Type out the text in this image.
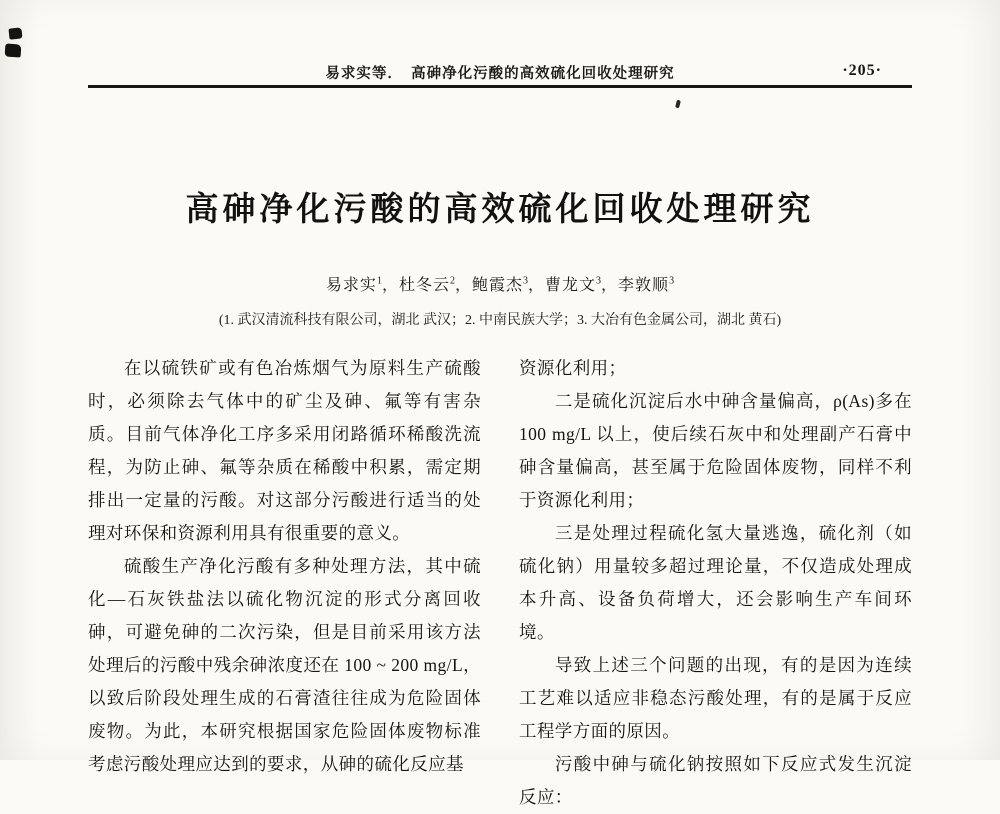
易求实等．　高砷净化污酸的高效硫化回收处理研究	·205·
高砷净化污酸的高效硫化回收处理研究
易求实$^1$，杜冬云$^2$，鲍霞杰$^3$，曹龙文$^3$，李敦顺$^3$
(1. 武汉清流科技有限公司，湖北 武汉；2. 中南民族大学；3. 大冶有色金属公司，湖北 黄石)

在以硫铁矿或有色冶炼烟气为原料生产硫酸时，必须除去气体中的矿尘及砷、氟等有害杂质。目前气体净化工序多采用闭路循环稀酸洗流程，为防止砷、氟等杂质在稀酸中积累，需定期排出一定量的污酸。对这部分污酸进行适当的处理对环保和资源利用具有很重要的意义。

硫酸生产净化污酸有多种处理方法，其中硫化—石灰铁盐法以硫化物沉淀的形式分离回收砷，可避免砷的二次污染，但是目前采用该方法处理后的污酸中残余砷浓度还在 100 ~ 200 mg/L，以致后阶段处理生成的石膏渣往往成为危险固体废物。为此，本研究根据国家危险固体废物标准考虑污酸处理应达到的要求，从砷的硫化反应基

资源化利用；

二是硫化沉淀后水中砷含量偏高，ρ(As)多在 100 mg/L 以上，使后续石灰中和处理副产石膏中砷含量偏高，甚至属于危险固体废物，同样不利于资源化利用；

三是处理过程硫化氢大量逃逸，硫化剂（如硫化钠）用量较多超过理论量，不仅造成处理成本升高、设备负荷增大，还会影响生产车间环境。

导致上述三个问题的出现，有的是因为连续工艺难以适应非稳态污酸处理，有的是属于反应工程学方面的原因。

污酸中砷与硫化钠按照如下反应式发生沉淀反应：
